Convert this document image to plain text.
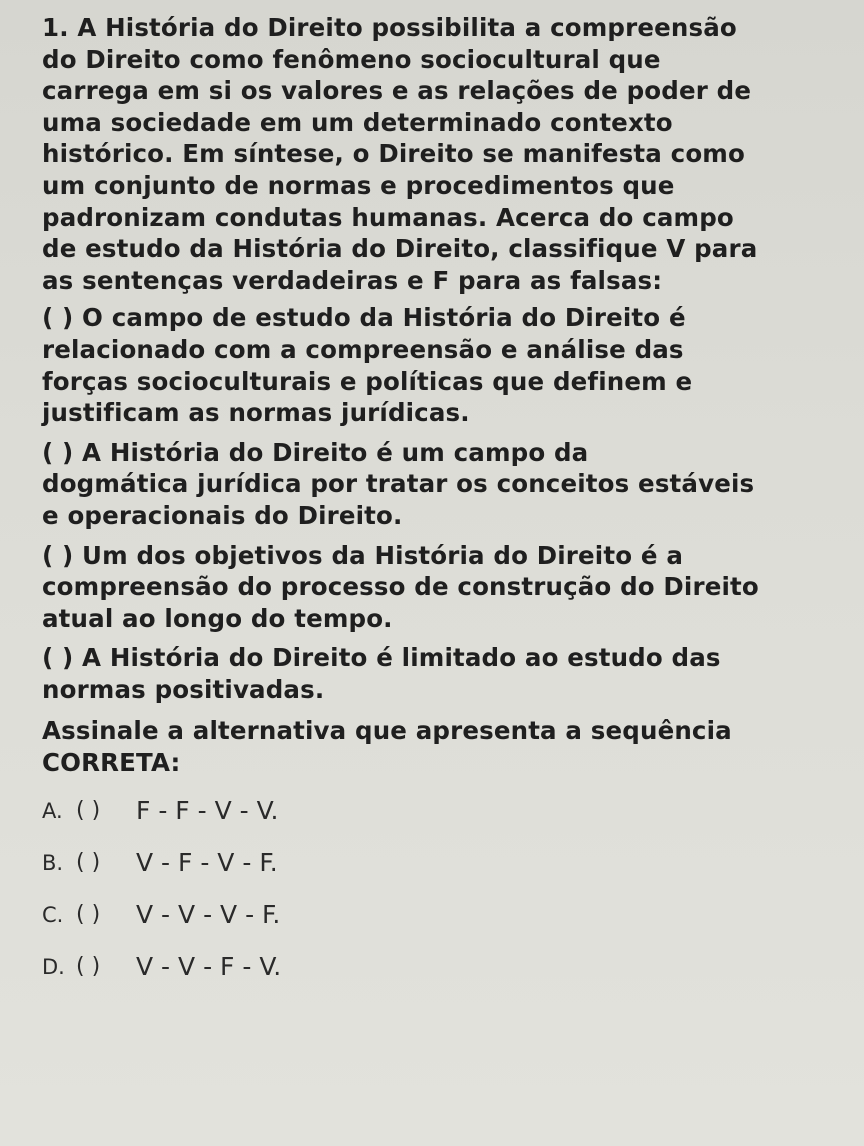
1. A História do Direito possibilita a compreensão
do Direito como fenômeno sociocultural que
carrega em si os valores e as relações de poder de
uma sociedade em um determinado contexto
histórico. Em síntese, o Direito se manifesta como
um conjunto de normas e procedimentos que
padronizam condutas humanas. Acerca do campo
de estudo da História do Direito, classifique V para
as sentenças verdadeiras e F para as falsas:
( ) O campo de estudo da História do Direito é
relacionado com a compreensão e análise das
forças socioculturais e políticas que definem e
justificam as normas jurídicas.
( ) A História do Direito é um campo da
dogmática jurídica por tratar os conceitos estáveis
e operacionais do Direito.
( ) Um dos objetivos da História do Direito é a
compreensão do processo de construção do Direito
atual ao longo do tempo.
( ) A História do Direito é limitado ao estudo das
normas positivadas.
Assinale a alternativa que apresenta a sequência
CORRETA:
A. ( )	F - F - V - V.
B. ( )	V - F - V - F.
C. ( )	V - V - V - F.
D. ( )	V - V - F - V.
